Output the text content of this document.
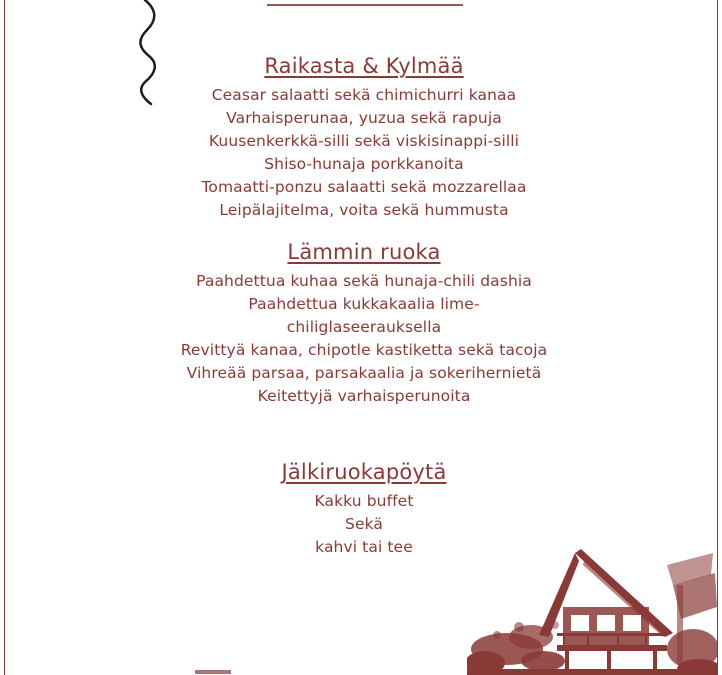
Raikasta & Kylmää
Ceasar salaatti sekä chimichurri kanaa
Varhaisperunaa, yuzua sekä rapuja
Kuusenkerkkä-silli sekä viskisinappi-silli
Shiso-hunaja porkkanoita
Tomaatti-ponzu salaatti sekä mozzarellaa
Leipälajitelma, voita sekä hummusta
Lämmin ruoka
Paahdettua kuhaa sekä hunaja-chili dashia
Paahdettua kukkakaalia lime-
chiliglaseerauksella
Revittyä kanaa, chipotle kastiketta sekä tacoja
Vihreää parsaa, parsakaalia ja sokerihernietä
Keitettyjä varhaisperunoita
Jälkiruokapöytä
Kakku buffet
Sekä
kahvi tai tee
